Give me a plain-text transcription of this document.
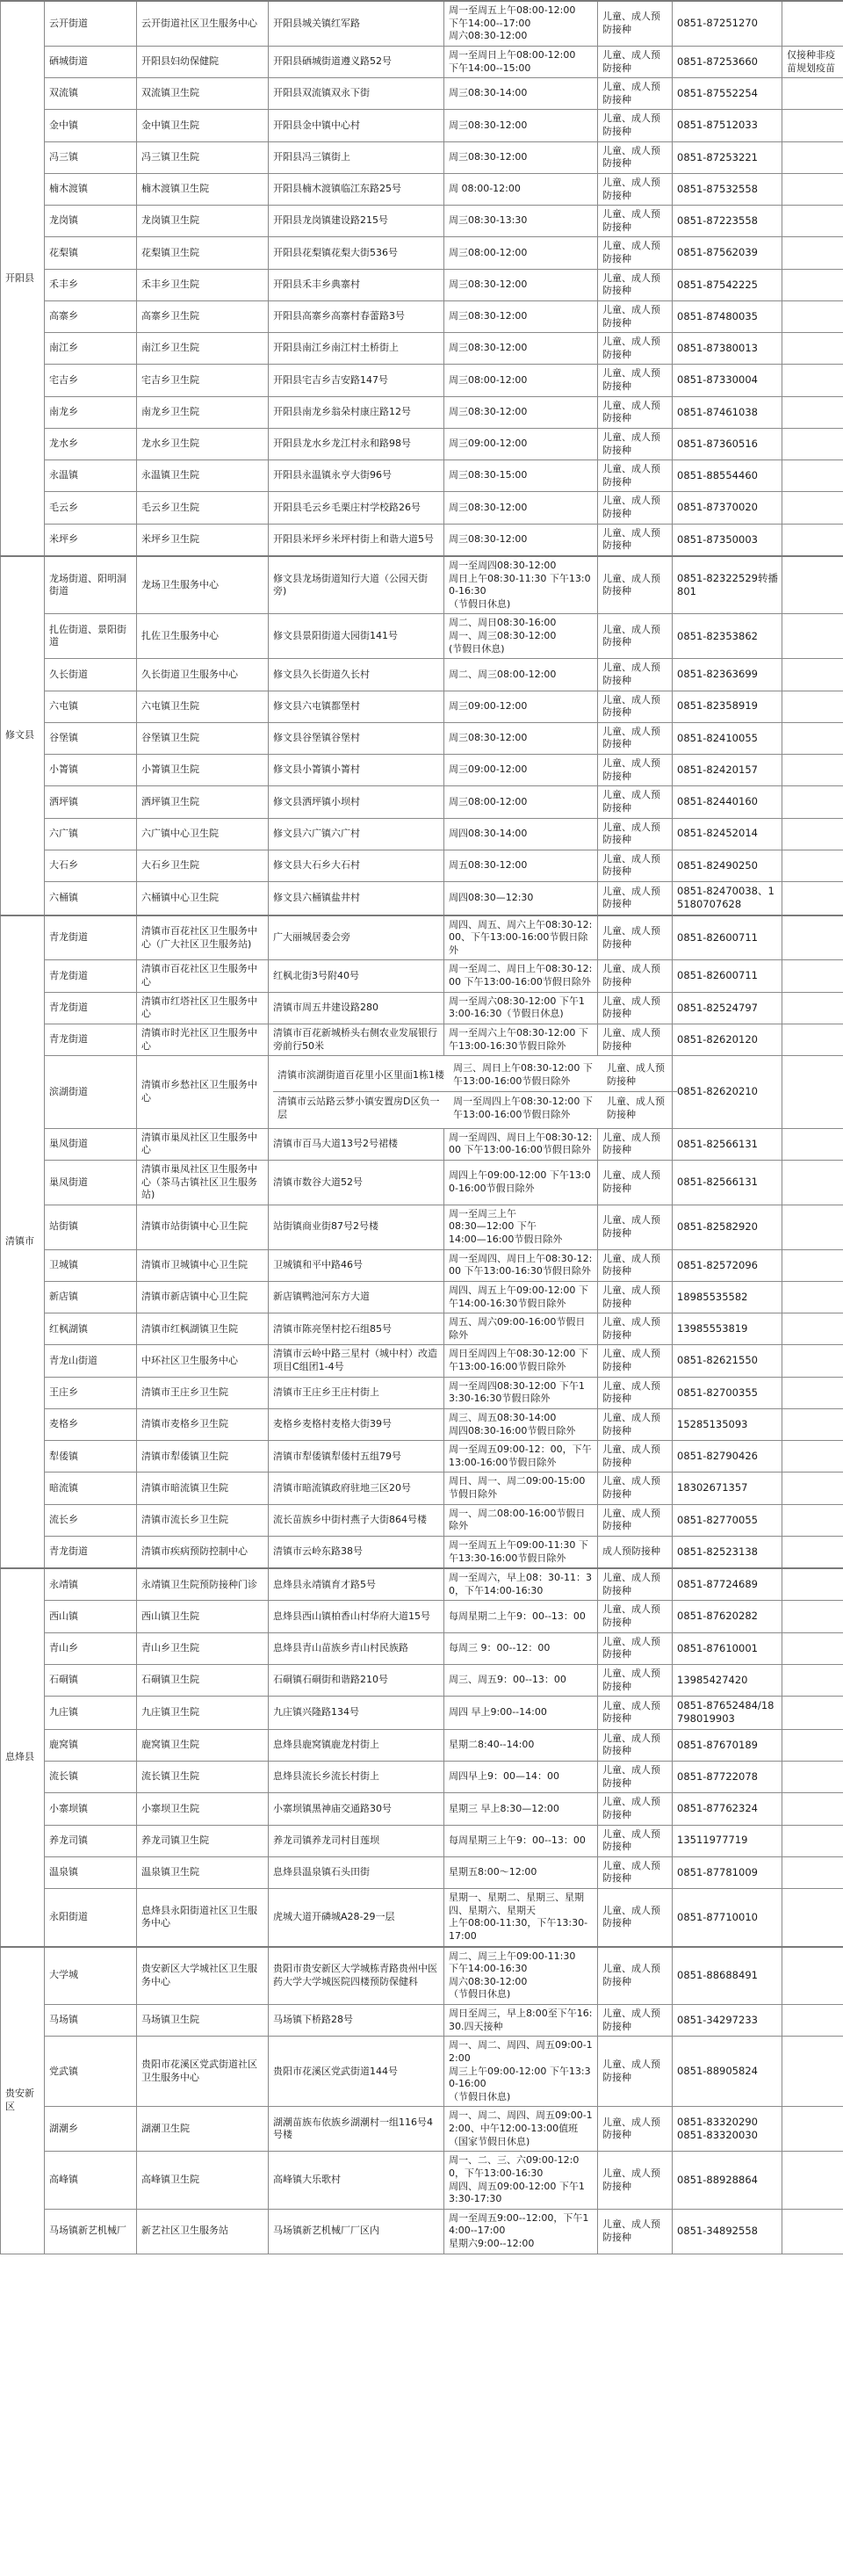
开阳县	云开街道	云开街道社区卫生服务中心	开阳县城关镇红军路	周一至周五上午08:00-12:00
下午14:00--17:00
周六08:30-12:00	儿童、成人预防接种	0851-87251270	
硒城街道	开阳县妇幼保健院	开阳县硒城街道遵义路52号	周一至周日上午08:00-12:00
下午14:00--15:00	儿童、成人预防接种	0851-87253660	仅接种非疫苗规划疫苗
双流镇	双流镇卫生院	开阳县双流镇双永下街	周三08:30-14:00	儿童、成人预防接种	0851-87552254	
金中镇	金中镇卫生院	开阳县金中镇中心村	周三08:30-12:00	儿童、成人预防接种	0851-87512033	
冯三镇	冯三镇卫生院	开阳县冯三镇街上	周三08:30-12:00	儿童、成人预防接种	0851-87253221	
楠木渡镇	楠木渡镇卫生院	开阳县楠木渡镇临江东路25号	周 08:00-12:00	儿童、成人预防接种	0851-87532558	
龙岗镇	龙岗镇卫生院	开阳县龙岗镇建设路215号	周三08:30-13:30	儿童、成人预防接种	0851-87223558	
花梨镇	花梨镇卫生院	开阳县花梨镇花梨大街536号	周三08:00-12:00	儿童、成人预防接种	0851-87562039	
禾丰乡	禾丰乡卫生院	开阳县禾丰乡典寨村	周三08:30-12:00	儿童、成人预防接种	0851-87542225	
高寨乡	高寨乡卫生院	开阳县高寨乡高寨村春蕾路3号	周三08:30-12:00	儿童、成人预防接种	0851-87480035	
南江乡	南江乡卫生院	开阳县南江乡南江村土桥街上	周三08:30-12:00	儿童、成人预防接种	0851-87380013	
宅吉乡	宅吉乡卫生院	开阳县宅吉乡吉安路147号	周三08:00-12:00	儿童、成人预防接种	0851-87330004	
南龙乡	南龙乡卫生院	开阳县南龙乡翁朵村康庄路12号	周三08:30-12:00	儿童、成人预防接种	0851-87461038	
龙水乡	龙水乡卫生院	开阳县龙水乡龙江村永和路98号	周三09:00-12:00	儿童、成人预防接种	0851-87360516	
永温镇	永温镇卫生院	开阳县永温镇永亨大街96号	周三08:30-15:00	儿童、成人预防接种	0851-88554460	
毛云乡	毛云乡卫生院	开阳县毛云乡毛栗庄村学校路26号	周三08:30-12:00	儿童、成人预防接种	0851-87370020	
米坪乡	米坪乡卫生院	开阳县米坪乡米坪村街上和谐大道5号	周三08:30-12:00	儿童、成人预防接种	0851-87350003	
修文县	龙场街道、阳明洞街道	龙场卫生服务中心	修文县龙场街道知行大道（公园天街旁)	周一至周四08:30-12:00
周日上午08:30-11:30 下午13:00-16:30
（节假日休息)	儿童、成人预防接种	0851-82322529转播801	
扎佐街道、景阳街道	扎佐卫生服务中心	修文县景阳街道大园街141号	周二、周日08:30-16:00
周一、周三08:30-12:00
(节假日休息)	儿童、成人预防接种	0851-82353862	
久长街道	久长街道卫生服务中心	修文县久长街道久长村	周二、周三08:00-12:00	儿童、成人预防接种	0851-82363699	
六屯镇	六屯镇卫生院	修文县六屯镇都堡村	周三09:00-12:00	儿童、成人预防接种	0851-82358919	
谷堡镇	谷堡镇卫生院	修文县谷堡镇谷堡村	周三08:30-12:00	儿童、成人预防接种	0851-82410055	
小箐镇	小箐镇卫生院	修文县小箐镇小箐村	周三09:00-12:00	儿童、成人预防接种	0851-82420157	
洒坪镇	洒坪镇卫生院	修文县洒坪镇小坝村	周三08:00-12:00	儿童、成人预防接种	0851-82440160	
六广镇	六广镇中心卫生院	修文县六广镇六广村	周四08:30-14:00	儿童、成人预防接种	0851-82452014	
大石乡	大石乡卫生院	修文县大石乡大石村	周五08:30-12:00	儿童、成人预防接种	0851-82490250	
六桶镇	六桶镇中心卫生院	修文县六桶镇盐井村	周四08:30—12:30	儿童、成人预防接种	0851-82470038、15180707628	
清镇市	青龙街道	清镇市百花社区卫生服务中心（广大社区卫生服务站)	广大丽城居委会旁	周四、周五、周六上午08:30-12:00、下午13:00-16:00节假日除外	儿童、成人预防接种	0851-82600711	
青龙街道	清镇市百花社区卫生服务中心	红枫北街3号附40号	周一至周二、周日上午08:30-12:00 下午13:00-16:00节假日除外	儿童、成人预防接种	0851-82600711	
青龙街道	清镇市红塔社区卫生服务中心	清镇市周五井建设路280	周一至周六08:30-12:00 下午13:00-16:30（节假日休息)	儿童、成人预防接种	0851-82524797	
青龙街道	清镇市时光社区卫生服务中心	清镇市百花新城桥头右侧农业发展银行旁前行50米	周一至周六上午08:30-12:00 下午13:00-16:30节假日除外	儿童、成人预防接种	0851-82620120	
滨湖街道	清镇市乡愁社区卫生服务中心	
清镇市滨湖街道百花里小区里面1栋1楼	周三、周日上午08:30-12:00 下午13:00-16:00节假日除外	儿童、成人预防接种
清镇市云站路云梦小镇安置房D区负一层	周一至周四上午08:30-12:00 下午13:00-16:00节假日除外	儿童、成人预防接种
	0851-82620210	
巢凤街道	清镇市巢凤社区卫生服务中心	清镇市百马大道13号2号裙楼	周一至周四、周日上午08:30-12:00 下午13:00-16:00节假日除外	儿童、成人预防接种	0851-82566131	
巢凤街道	清镇市巢凤社区卫生服务中心（茶马古镇社区卫生服务站)	清镇市数谷大道52号	周四上午09:00-12:00 下午13:00-16:00节假日除外	儿童、成人预防接种	0851-82566131	
站街镇	清镇市站街镇中心卫生院	站街镇商业街87号2号楼	周一至周三上午
08:30—12:00 下午
14:00—16:00节假日除外	儿童、成人预防接种	0851-82582920	
卫城镇	清镇市卫城镇中心卫生院	卫城镇和平中路46号	周一至周四、周日上午08:30-12:00 下午13:00-16:30节假日除外	儿童、成人预防接种	0851-82572096	
新店镇	清镇市新店镇中心卫生院	新店镇鸭池河东方大道	周四、周五上午09:00-12:00 下午14:00-16:30节假日除外	儿童、成人预防接种	18985535582	
红枫湖镇	清镇市红枫湖镇卫生院	清镇市陈亮堡村挖石组85号	周五、周六09:00-16:00节假日除外	儿童、成人预防接种	13985553819	
青龙山街道	中环社区卫生服务中心	清镇市云岭中路三星村（城中村）改造项目C组团1-4号	周日至周四上午08:30-12:00 下午13:00-16:00节假日除外	儿童、成人预防接种	0851-82621550	
王庄乡	清镇市王庄乡卫生院	清镇市王庄乡王庄村街上	周一至周四08:30-12:00 下午13:30-16:30节假日除外	儿童、成人预防接种	0851-82700355	
麦格乡	清镇市麦格乡卫生院	麦格乡麦格村麦格大街39号	周三、周五08:30-14:00
周四08:30-16:00节假日除外	儿童、成人预防接种	15285135093	
犁倭镇	清镇市犁倭镇卫生院	清镇市犁倭镇犁倭村五组79号	周一至周五09:00-12：00，下午13:00-16:00节假日除外	儿童、成人预防接种	0851-82790426	
暗流镇	清镇市暗流镇卫生院	清镇市暗流镇政府驻地三区20号	周日、周一、周二09:00-15:00节假日除外	儿童、成人预防接种	18302671357	
流长乡	清镇市流长乡卫生院	流长苗族乡中街村燕子大街864号楼	周一、周二08:00-16:00节假日除外	儿童、成人预防接种	0851-82770055	
青龙街道	清镇市疾病预防控制中心	清镇市云岭东路38号	周一至周五上午09:00-11:30 下午13:30-16:00节假日除外	成人预防接种	0851-82523138	
息烽县	永靖镇	永靖镇卫生院预防接种门诊	息烽县永靖镇育才路5号	周一至周六，早上08：30-11：30，下午14:00-16:30	儿童、成人预防接种	0851-87724689	
西山镇	西山镇卫生院	息烽县西山镇柏香山村华府大道15号	每周星期二上午9：00--13：00	儿童、成人预防接种	0851-87620282	
青山乡	青山乡卫生院	息烽县青山苗族乡青山村民族路	每周三 9：00--12：00	儿童、成人预防接种	0851-87610001	
石硐镇	石硐镇卫生院	石硐镇石硐街和谐路210号	周三、周五9：00--13：00	儿童、成人预防接种	13985427420	
九庄镇	九庄镇卫生院	九庄镇兴隆路134号	周四 早上9:00--14:00	儿童、成人预防接种	0851-87652484/18798019903	
鹿窝镇	鹿窝镇卫生院	息烽县鹿窝镇鹿龙村街上	星期二8:40--14:00	儿童、成人预防接种	0851-87670189	
流长镇	流长镇卫生院	息烽县流长乡流长村街上	周四早上9：00—14：00	儿童、成人预防接种	0851-87722078	
小寨坝镇	小寨坝卫生院	小寨坝镇黑神庙交通路30号	星期三 早上8:30—12:00	儿童、成人预防接种	0851-87762324	
养龙司镇	养龙司镇卫生院	养龙司镇养龙司村目莲坝	每周星期三上午9：00--13：00	儿童、成人预防接种	13511977719	
温泉镇	温泉镇卫生院	息烽县温泉镇石头田街	星期五8:00～12:00	儿童、成人预防接种	0851-87781009	
永阳街道	息烽县永阳街道社区卫生服务中心	虎城大道开磷城A28-29一层	星期一、星期二、星期三、星期四、星期六、星期天
上午08:00-11:30，下午13:30-17:00	儿童、成人预防接种	0851-87710010	
贵安新区	大学城	贵安新区大学城社区卫生服务中心	贵阳市贵安新区大学城栋青路贵州中医药大学大学城医院四楼预防保健科	周二、周三上午09:00-11:30
下午14:00-16:30
周六08:30-12:00
（节假日休息)	儿童、成人预防接种	0851-88688491	
马场镇	马场镇卫生院	马场镇下桥路28号	周日至周三，早上8:00至下午16:30.四天接种	儿童、成人预防接种	0851-34297233	
党武镇	贵阳市花溪区党武街道社区卫生服务中心	贵阳市花溪区党武街道144号	周一、周二、周四、周五09:00-12:00
周三上午09:00-12:00 下午13:30-16:00
（节假日休息)	儿童、成人预防接种	0851-88905824	
湖潮乡	湖潮卫生院	湖潮苗族布依族乡湖潮村一组116号4号楼	周一、周二、周四、周五09:00-12:00、中午12:00-13:00值班
（国家节假日休息)	儿童、成人预防接种	0851-83320290
0851-83320030	
高峰镇	高峰镇卫生院	高峰镇大乐歌村	周一、二、三、六09:00-12:00，下午13:00-16:30
周四、周五09:00-12:00 下午13:30-17:30	儿童、成人预防接种	0851-88928864	
马场镇新艺机械厂	新艺社区卫生服务站	马场镇新艺机械厂厂区内	周一至周五9:00--12:00，下午14:00--17:00
星期六9:00--12:00	儿童、成人预防接种	0851-34892558	
